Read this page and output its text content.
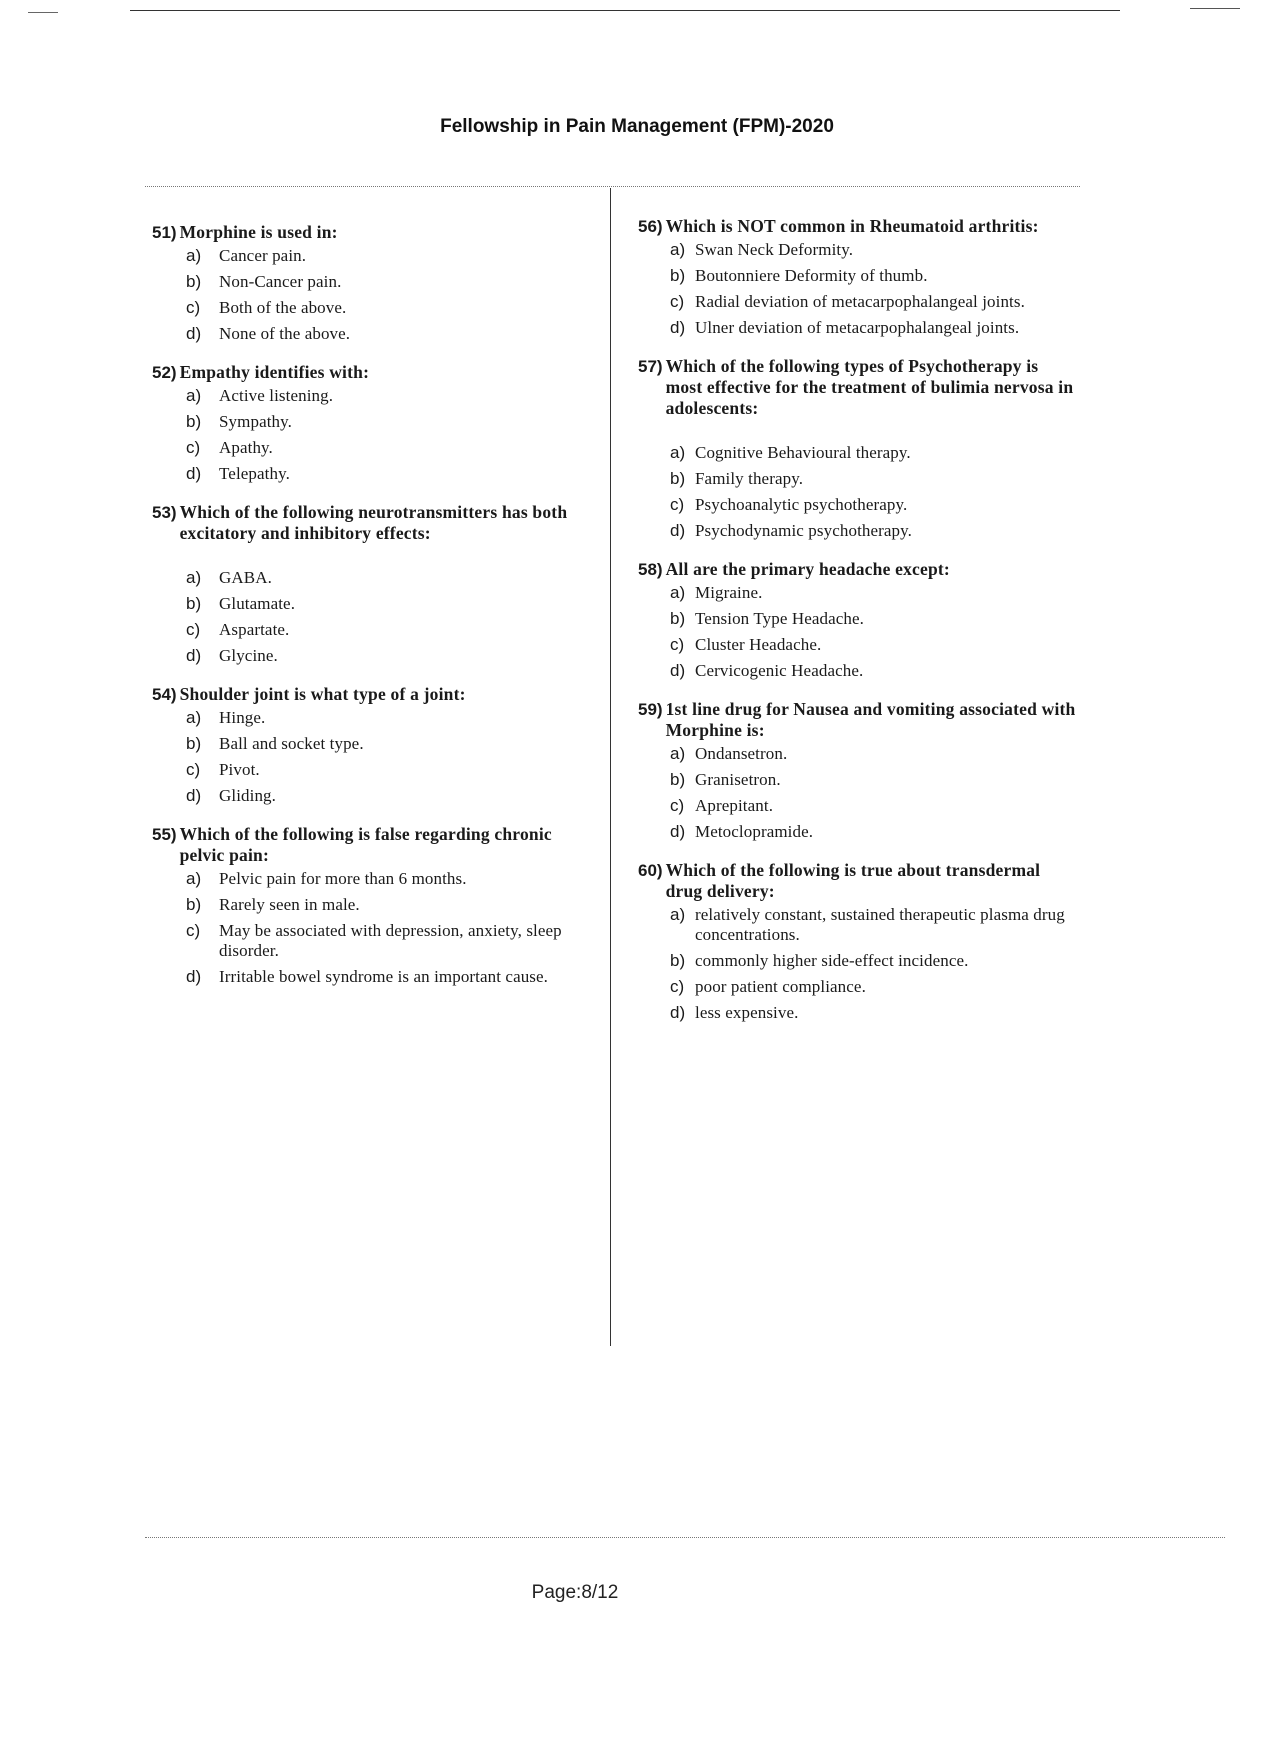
Fellowship in Pain Management (FPM)-2020
51) Morphine is used in:
a)	Cancer pain.
b)	Non-Cancer pain.
c)	Both of the above.
d)	None of the above.
52) Empathy identifies with:
a)	Active listening.
b)	Sympathy.
c)	Apathy.
d)	Telepathy.
53) Which of the following neurotransmitters has both excitatory and inhibitory effects:
a)	GABA.
b)	Glutamate.
c)	Aspartate.
d)	Glycine.
54) Shoulder joint is what type of a joint:
a)	Hinge.
b)	Ball and socket type.
c)	Pivot.
d)	Gliding.
55) Which of the following is false regarding chronic pelvic pain:
a)	Pelvic pain for more than 6 months.
b)	Rarely seen in male.
c)	May be associated with depression, anxiety, sleep disorder.
d)	Irritable bowel syndrome is an important cause.
56) Which is NOT common in Rheumatoid arthritis:
a) Swan Neck Deformity.
b) Boutonniere Deformity of thumb.
c) Radial deviation of metacarpophalangeal joints.
d) Ulner deviation of metacarpophalangeal joints.
57) Which of the following types of Psychotherapy is most effective for the treatment of bulimia nervosa in adolescents:
a) Cognitive Behavioural therapy.
b) Family therapy.
c) Psychoanalytic psychotherapy.
d) Psychodynamic psychotherapy.
58) All are the primary headache except:
a) Migraine.
b) Tension Type Headache.
c) Cluster Headache.
d) Cervicogenic Headache.
59) 1st line drug for Nausea and vomiting associated with Morphine is:
a) Ondansetron.
b) Granisetron.
c) Aprepitant.
d) Metoclopramide.
60) Which of the following is true about transdermal drug delivery:
a) relatively constant, sustained therapeutic plasma drug concentrations.
b) commonly higher side-effect incidence.
c) poor patient compliance.
d) less expensive.
Page:8/12
